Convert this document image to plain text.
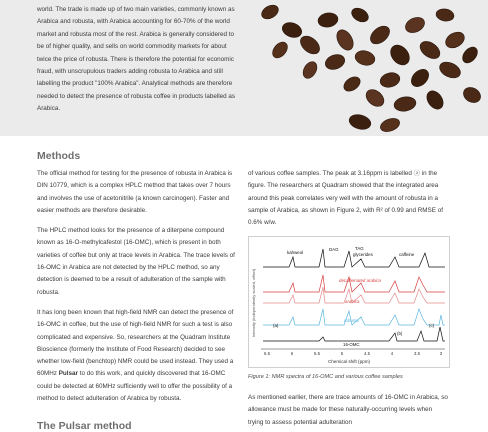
world. The trade is made up of two main varieties, commonly known as Arabica and robusta, with Arabica accounting for 60-70% of the world market and robusta most of the rest. Arabica is generally considered to be of higher quality, and sells on world commodity markets for about twice the price of robusta. There is therefore the potential for economic fraud, with unscrupulous traders adding robusta to Arabica and still labelling the product "100% Arabica". Analytical methods are therefore needed to detect the presence of robusta coffee in products labelled as Arabica.

Methods

The official method for testing for the presence of robusta in Arabica is DIN 10779, which is a complex HPLC method that takes over 7 hours and involves the use of acetonitrile (a known carcinogen). Faster and easier methods are therefore desirable.

The HPLC method looks for the presence of a diterpene compound known as 16-O-methylcafestol (16-OMC), which is present in both varieties of coffee but only at trace levels in Arabica. The trace levels of 16-OMC in Arabica are not detected by the HPLC method, so any detection is deemed to be a result of adulteration of the sample with robusta.

It has long been known that high-field NMR can detect the presence of 16-OMC in coffee, but the use of high-field NMR for such a test is also complicated and expensive. So, researchers at the Quadram Institute Bioscience (formerly the Institute of Food Research) decided to see whether low-field (benchtop) NMR could be used instead. They used a 60MHz Pulsar to do this work, and quickly discovered that 16-OMC could be detected at 60MHz sufficiently well to offer the possibility of a method to detect adulteration of Arabica by robusta.

The Pulsar method

of various coffee samples. The peak at 3.16ppm is labelled ⓐ in the figure. The researchers at Quadram showed that the integrated area around this peak correlates very well with the amount of robusta in a sample of Arabica, as shown in Figure 2, with R² of 0.99 and RMSE of 0.6% w/w.

Intensity (independently scaled, offset)
6.5	6	5.5	5	4.5	4	3.5	3
Chemical shift (ppm)
kahweol
DAG	TAG
glycerides	caffeine
decaffeinated arabica
arabica
robusta
16-OMC
(a)
(b)
(c)
Figure 1: NMR spectra of 16-OMC and various coffee samples

As mentioned earlier, there are trace amounts of 16-OMC in Arabica, so allowance must be made for these naturally-occurring levels when trying to assess potential adulteration
